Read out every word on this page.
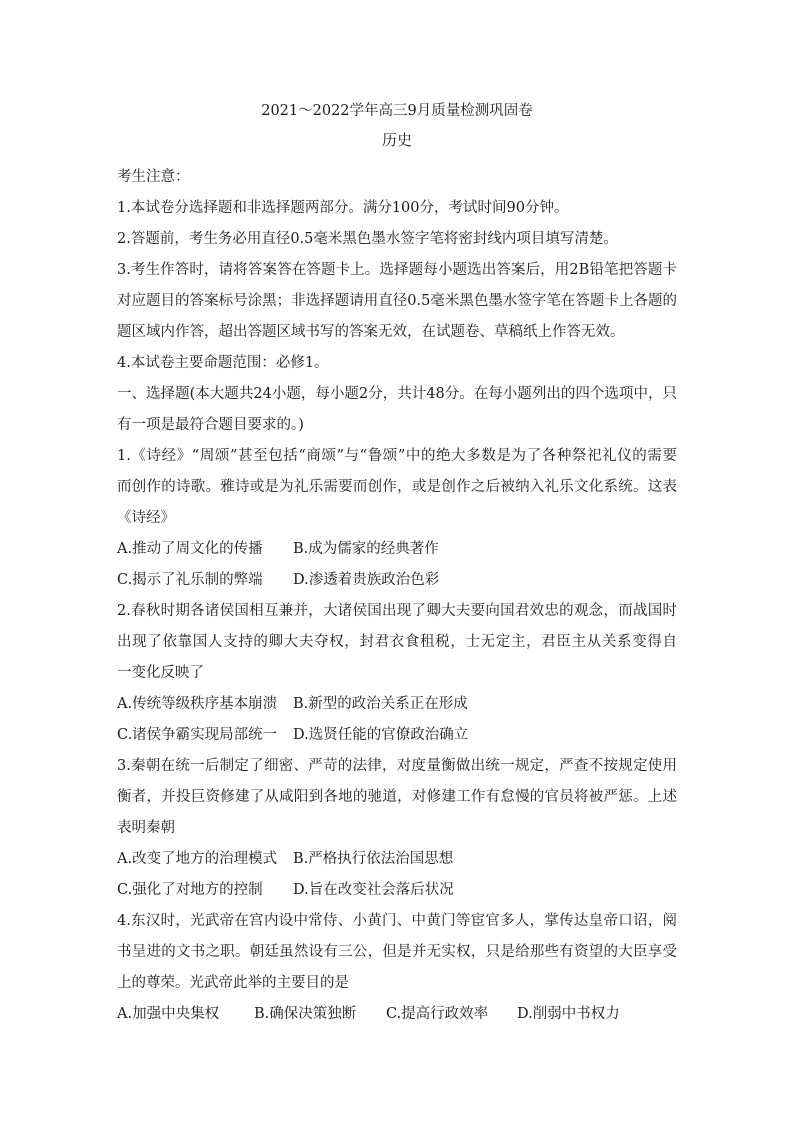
2021～2022学年高三9月质量检测巩固卷
历史
考生注意：
1.本试卷分选择题和非选择题两部分。满分100分，考试时间90分钟。
2.答题前，考生务必用直径0.5毫米黑色墨水签字笔将密封线内项目填写清楚。
3.考生作答时，请将答案答在答题卡上。选择题每小题选出答案后，用2B铅笔把答题卡
对应题目的答案标号涂黑；非选择题请用直径0.5毫米黑色墨水签字笔在答题卡上各题的
题区域内作答，超出答题区域书写的答案无效，在试题卷、草稿纸上作答无效。
4.本试卷主要命题范围：必修1。
一、选择题(本大题共24小题，每小题2分，共计48分。在每小题列出的四个选项中，只
有一项是最符合题目要求的。)
1.《诗经》“周颂”甚至包括“商颂”与“鲁颂”中的绝大多数是为了各种祭祀礼仪的需要
而创作的诗歌。雅诗或是为礼乐需要而创作，或是创作之后被纳入礼乐文化系统。这表
《诗经》
A.推动了周文化的传播	B.成为儒家的经典著作
C.揭示了礼乐制的弊端	D.渗透着贵族政治色彩
2.春秋时期各诸侯国相互兼并，大诸侯国出现了卿大夫要向国君效忠的观念，而战国时
出现了依靠国人支持的卿大夫夺权，封君衣食租税，士无定主，君臣主从关系变得自
一变化反映了
A.传统等级秩序基本崩溃	B.新型的政治关系正在形成
C.诸侯争霸实现局部统一	D.选贤任能的官僚政治确立
3.秦朝在统一后制定了细密、严苛的法律，对度量衡做出统一规定，严查不按规定使用
衡者，并投巨资修建了从咸阳到各地的驰道，对修建工作有怠慢的官员将被严惩。上述
表明秦朝
A.改变了地方的治理模式	B.严格执行依法治国思想
C.强化了对地方的控制	D.旨在改变社会落后状况
4.东汉时，光武帝在宫内设中常侍、小黄门、中黄门等宦官多人，掌传达皇帝口诏，阅
书呈进的文书之职。朝廷虽然设有三公，但是并无实权，只是给那些有资望的大臣享受
上的尊荣。光武帝此举的主要目的是
A.加强中央集权	B.确保决策独断	C.提高行政效率	D.削弱中书权力
